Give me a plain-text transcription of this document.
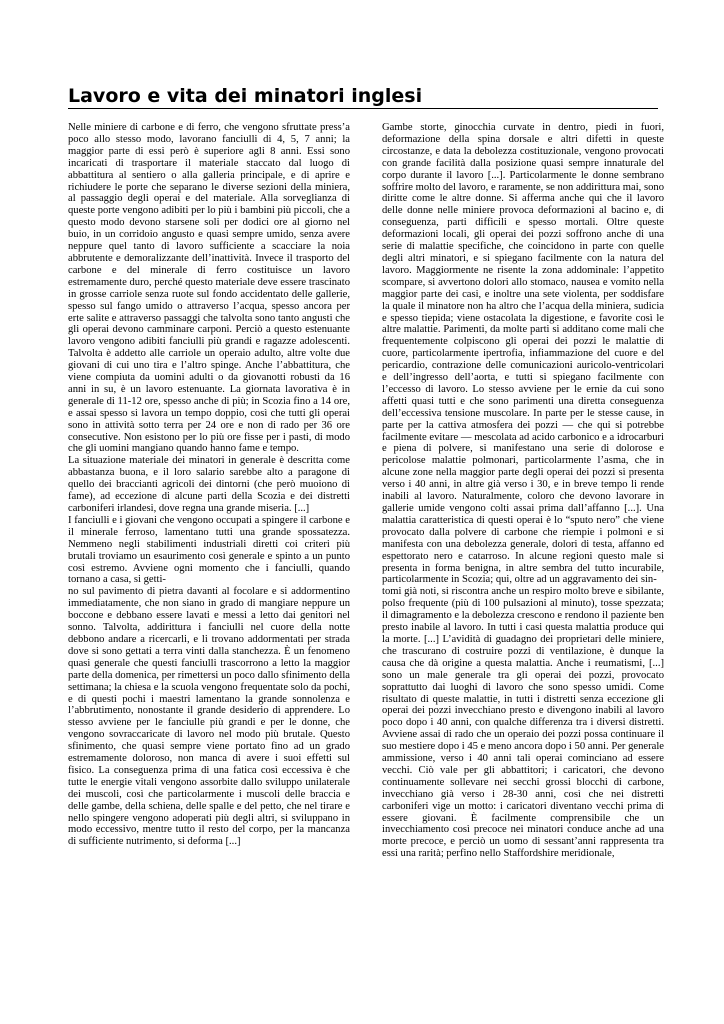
Lavoro e vita dei minatori inglesi

Nelle miniere di carbone e di ferro, che vengono sfruttate press’a poco allo stesso modo, lavorano fanciulli di 4, 5, 7 anni; la maggior parte di essi però è superiore agli 8 anni. Essi sono incaricati di trasportare il materiale staccato dal luogo di abbattitura al sentiero o alla galleria principale, e di aprire e richiudere le porte che separano le diverse sezioni della miniera, al passaggio degli operai e del materiale. Alla sorveglianza di queste porte vengono adibiti per lo più i bambini più piccoli, che a questo modo devono starsene soli per dodici ore al giorno nel buio, in un corridoio angusto e quasi sempre umido, senza avere neppure quel tanto di lavoro sufficiente a scacciare la noia abbrutente e demoralizzante dell’inattività. Invece il trasporto del carbone e del minerale di ferro costituisce un lavoro estremamente duro, perché questo materiale deve essere trascinato in grosse carriole senza ruote sul fondo accidentato delle gallerie, spesso sul fango umido o attraverso l’acqua, spesso ancora per erte salite e attraverso passaggi che talvolta sono tanto angusti che gli operai devono camminare carponi. Perciò a questo estenuante lavoro vengono adibiti fanciulli più grandi e ragazze adolescenti. Talvolta è addetto alle carriole un operaio adulto, altre volte due giovani di cui uno tira e l’altro spinge. Anche l’abbattitura, che viene compiuta da uomini adulti o da giovanotti robusti da 16 anni in su, è un lavoro estenuante. La giornata lavorativa è in generale di 11-12 ore, spesso anche di più; in Scozia fino a 14 ore, e assai spesso si lavora un tempo doppio, così che tutti gli operai sono in attività sotto terra per 24 ore e non di rado per 36 ore consecutive. Non esistono per lo più ore fisse per i pasti, di modo che gli uomini mangiano quando hanno fame e tempo.

La situazione materiale dei minatori in generale è descritta come abbastanza buona, e il loro salario sarebbe alto a paragone di quello dei braccianti agricoli dei dintorni (che però muoiono di fame), ad eccezione di alcune parti della Scozia e dei distretti carboniferi irlandesi, dove regna una grande miseria. [...]

I fanciulli e i giovani che vengono occupati a spingere il carbone e il minerale ferroso, lamentano tutti una grande spossatezza. Nemmeno negli stabilimenti industriali diretti coi criteri più brutali troviamo un esaurimento così generale e spinto a un punto così estremo. Avviene ogni momento che i fanciulli, quando tornano a casa, si getti-

no sul pavimento di pietra davanti al focolare e si addormentino immediatamente, che non siano in grado di mangiare neppure un boccone e debbano essere lavati e messi a letto dai genitori nel sonno. Talvolta, addirittura i fanciulli nel cuore della notte debbono andare a ricercarli, e li trovano addormentati per strada dove si sono gettati a terra vinti dalla stanchezza. È un fenomeno quasi generale che questi fanciulli trascorrono a letto la maggior parte della domenica, per rimettersi un poco dallo sfinimento della settimana; la chiesa e la scuola vengono frequentate solo da pochi, e di questi pochi i maestri lamentano la grande sonnolenza e l’abbrutimento, nonostante il grande desiderio di apprendere. Lo stesso avviene per le fanciulle più grandi e per le donne, che vengono sovraccaricate di lavoro nel modo più brutale. Questo sfinimento, che quasi sempre viene portato fino ad un grado estremamente doloroso, non manca di avere i suoi effetti sul fisico. La conseguenza prima di una fatica così eccessiva è che tutte le energie vitali vengono assorbite dallo sviluppo unilaterale dei muscoli, così che particolarmente i muscoli delle braccia e delle gambe, della schiena, delle spalle e del petto, che nel tirare e nello spingere vengono adoperati più degli altri, si sviluppano in modo eccessivo, mentre tutto il resto del corpo, per la mancanza di sufficiente nutrimento, si deforma [...]

Gambe storte, ginocchia curvate in dentro, piedi in fuori, deformazione della spina dorsale e altri difetti in queste circostanze, e data la debolezza costituzionale, vengono provocati con grande facilità dalla posizione quasi sempre innaturale del corpo durante il lavoro [...]. Particolarmente le donne sembrano soffrire molto del lavoro, e raramente, se non addirittura mai, sono diritte come le altre donne. Si afferma anche qui che il lavoro delle donne nelle miniere provoca deformazioni al bacino e, di conseguenza, parti difficili e spesso mortali. Oltre queste deformazioni locali, gli operai dei pozzi soffrono anche di una serie di malattie specifiche, che coincidono in parte con quelle degli altri minatori, e si spiegano facilmente con la natura del lavoro. Maggiormente ne risente la zona addominale: l’appetito scompare, si avvertono dolori allo stomaco, nausea e vomito nella maggior parte dei casi, e inoltre una sete violenta, per soddisfare la quale il minatore non ha altro che l’acqua della miniera, sudicia e spesso tiepida; viene ostacolata la digestione, e favorite così le altre malattie. Parimenti, da molte parti si additano come mali che frequentemente colpiscono gli operai dei pozzi le malattie di cuore, particolarmente ipertrofia, infiammazione del cuore e del pericardio, contrazione delle comunicazioni auricolo-ventricolari e dell’ingresso dell’aorta, e tutti si spiegano facilmente con l’eccesso di lavoro. Lo stesso avviene per le ernie da cui sono affetti quasi tutti e che sono parimenti una diretta conseguenza dell’eccessiva tensione muscolare. In parte per le stesse cause, in parte per la cattiva atmosfera dei pozzi — che qui si potrebbe facilmente evitare — mescolata ad acido carbonico e a idrocarburi e piena di polvere, si manifestano una serie di dolorose e pericolose malattie polmonari, particolarmente l’asma, che in alcune zone nella maggior parte degli operai dei pozzi si presenta verso i 40 anni, in altre già verso i 30, e in breve tempo li rende inabili al lavoro. Naturalmente, coloro che devono lavorare in gallerie umide vengono colti assai prima dall’affanno [...]. Una malattia caratteristica di questi operai è lo “sputo nero” che viene provocato dalla polvere di carbone che riempie i polmoni e si manifesta con una debolezza generale, dolori di testa, affanno ed espettorato nero e catarroso. In alcune regioni questo male si presenta in forma benigna, in altre sembra del tutto incurabile, particolarmente in Scozia; qui, oltre ad un aggravamento dei sin-

tomi già noti, si riscontra anche un respiro molto breve e sibilante, polso frequente (più di 100 pulsazioni al minuto), tosse spezzata; il dimagramento e la debolezza crescono e rendono il paziente ben presto inabile al lavoro. In tutti i casi questa malattia produce qui la morte. [...] L’avidità di guadagno dei proprietari delle miniere, che trascurano di costruire pozzi di ventilazione, è dunque la causa che dà origine a questa malattia. Anche i reumatismi, [...] sono un male generale tra gli operai dei pozzi, provocato soprattutto dai luoghi di lavoro che sono spesso umidi. Come risultato di queste malattie, in tutti i distretti senza eccezione gli operai dei pozzi invecchiano presto e divengono inabili al lavoro poco dopo i 40 anni, con qualche differenza tra i diversi distretti. Avviene assai di rado che un operaio dei pozzi possa continuare il suo mestiere dopo i 45 e meno ancora dopo i 50 anni. Per generale ammissione, verso i 40 anni tali operai cominciano ad essere vecchi. Ciò vale per gli abbattitori; i caricatori, che devono continuamente sollevare nei secchi grossi blocchi di carbone, invecchiano già verso i 28-30 anni, così che nei distretti carboniferi vige un motto: i caricatori diventano vecchi prima di essere giovani. È facilmente comprensibile che un invecchiamento così precoce nei minatori conduce anche ad una morte precoce, e perciò un uomo di sessant’anni rappresenta tra essi una rarità; perfino nello Staffordshire meridionale,
